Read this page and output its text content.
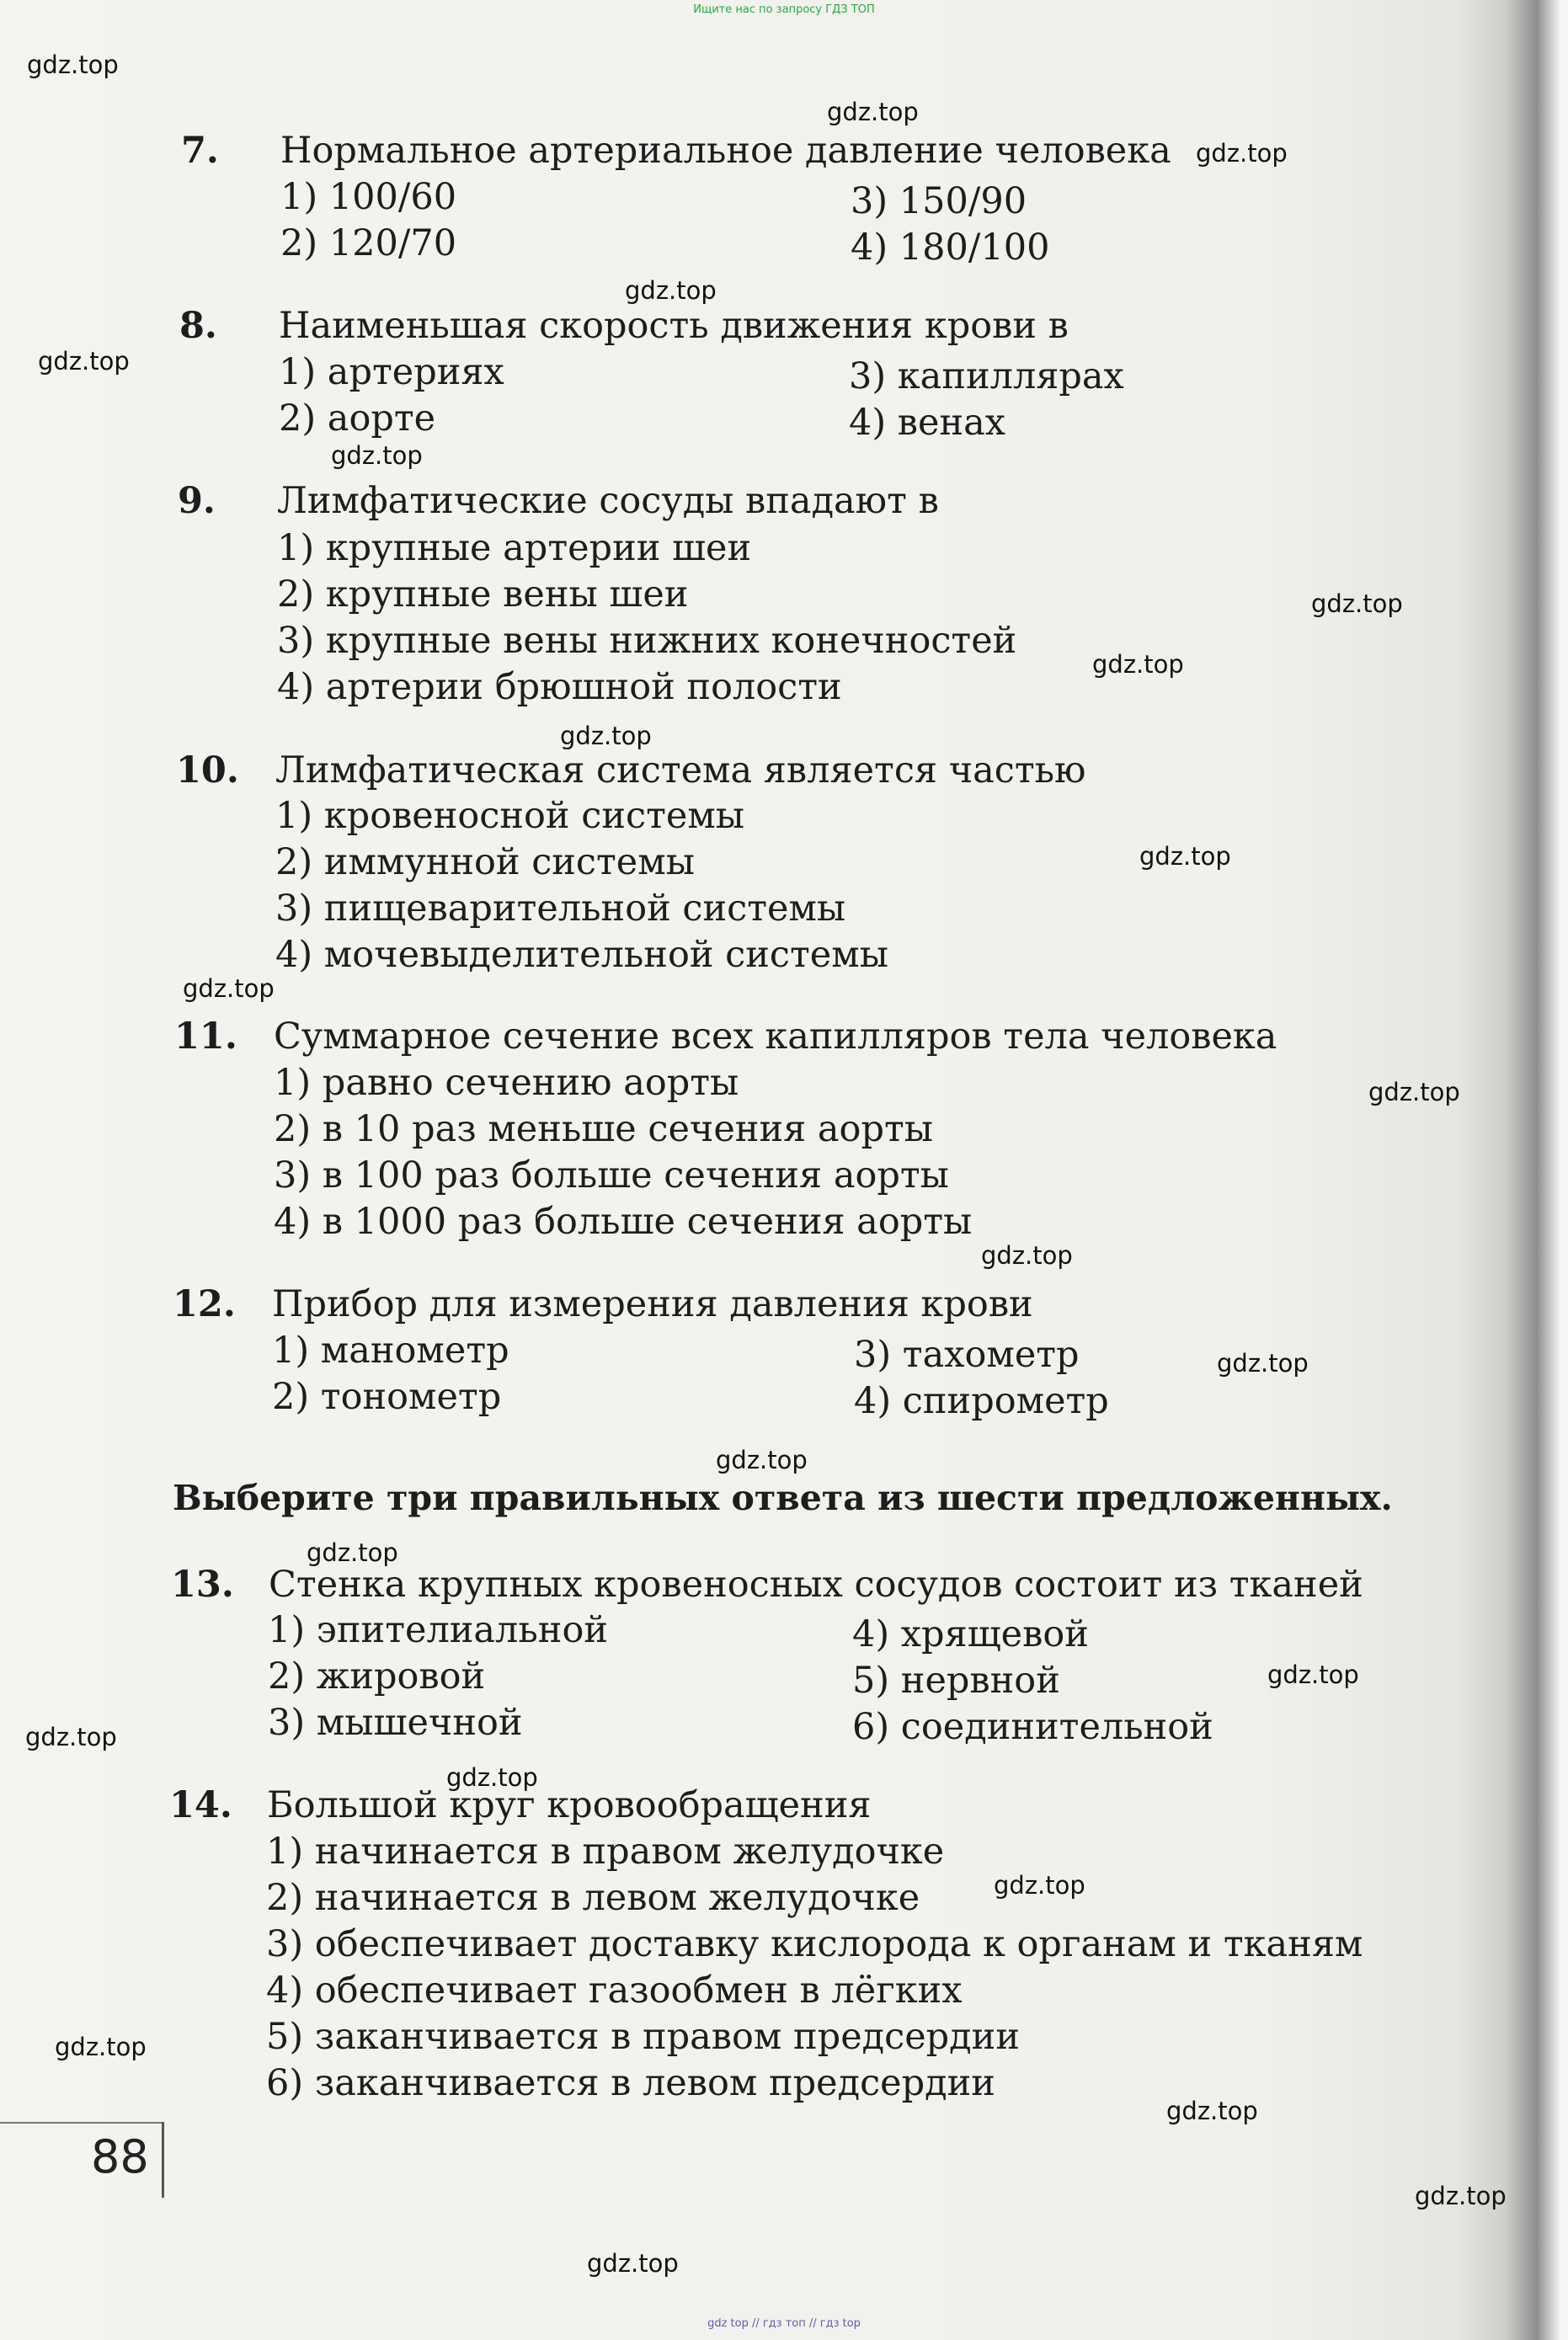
Ищите нас по запросу ГДЗ ТОП
7. Нормальное артериальное давление человека
1) 100/60
2) 120/70
3) 150/90
4) 180/100
8. Наименьшая скорость движения крови в
1) артериях
2) аорте
3) капиллярах
4) венах
9. Лимфатические сосуды впадают в
1) крупные артерии шеи
2) крупные вены шеи
3) крупные вены нижних конечностей
4) артерии брюшной полости
10. Лимфатическая система является частью
1) кровеносной системы
2) иммунной системы
3) пищеварительной системы
4) мочевыделительной системы
11. Суммарное сечение всех капилляров тела человека
1) равно сечению аорты
2) в 10 раз меньше сечения аорты
3) в 100 раз больше сечения аорты
4) в 1000 раз больше сечения аорты
12. Прибор для измерения давления крови
1) манометр
2) тонометр
3) тахометр
4) спирометр
Выберите три правильных ответа из шести предложенных.
13. Стенка крупных кровеносных сосудов состоит из тканей
1) эпителиальной
2) жировой
3) мышечной
4) хрящевой
5) нервной
6) соединительной
14. Большой круг кровообращения
1) начинается в правом желудочке
2) начинается в левом желудочке
3) обеспечивает доставку кислорода к органам и тканям
4) обеспечивает газообмен в лёгких
5) заканчивается в правом предсердии
6) заканчивается в левом предсердии
88
gdz.top
gdz.top
gdz.top
gdz.top
gdz.top
gdz.top
gdz.top
gdz.top
gdz.top
gdz.top
gdz.top
gdz.top
gdz.top
gdz.top
gdz.top
gdz.top
gdz.top
gdz.top
gdz.top
gdz.top
gdz.top
gdz.top
gdz.top
gdz.top
gdz top // гдз топ // гдз top
